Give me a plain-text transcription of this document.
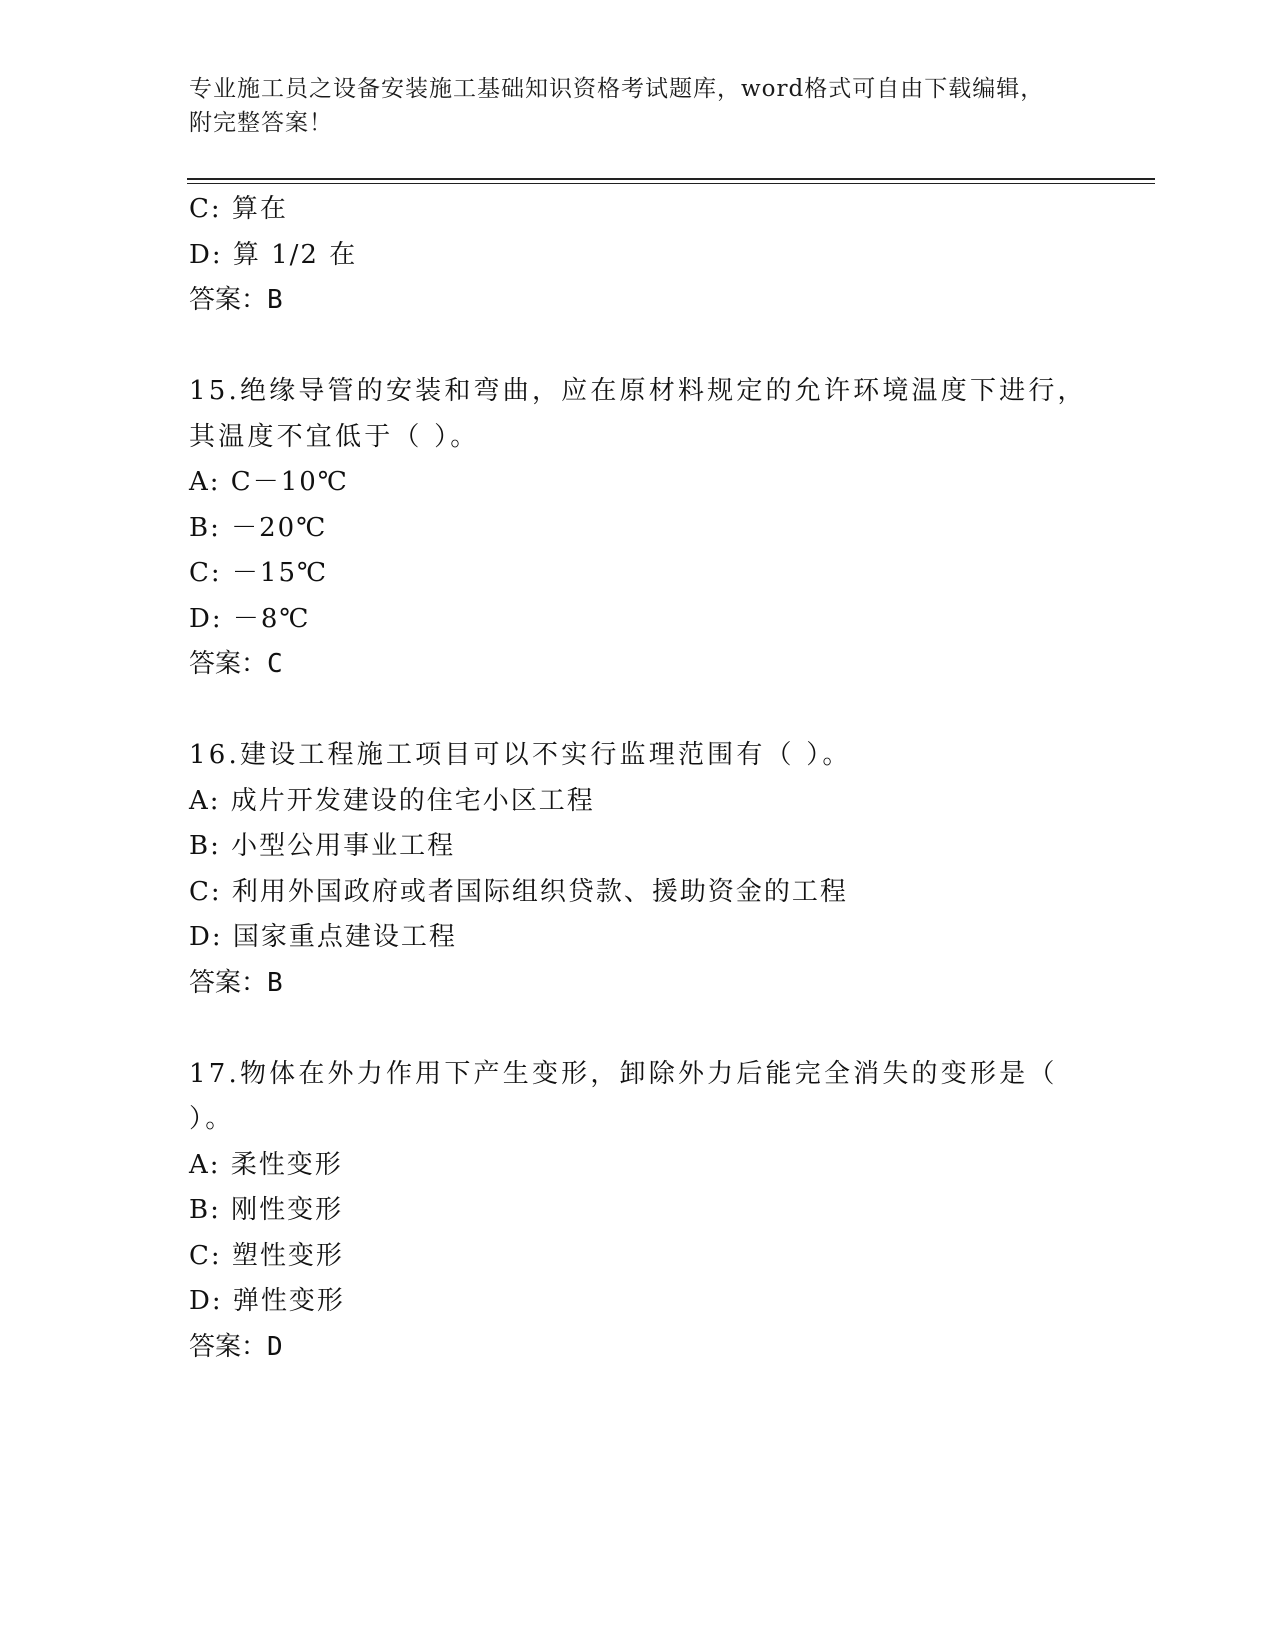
专业施工员之设备安装施工基础知识资格考试题库，word格式可自由下载编辑，
附完整答案！
C: 算在
D: 算 1/2 在
答案：B
15.绝缘导管的安装和弯曲，应在原材料规定的允许环境温度下进行，
其温度不宜低于（ ）。
A: C－10℃
B: －20℃
C: －15℃
D: －8℃
答案：C
16.建设工程施工项目可以不实行监理范围有（ ）。
A: 成片开发建设的住宅小区工程
B: 小型公用事业工程
C: 利用外国政府或者国际组织贷款、援助资金的工程
D: 国家重点建设工程
答案：B
17.物体在外力作用下产生变形，卸除外力后能完全消失的变形是（
）。
A: 柔性变形
B: 刚性变形
C: 塑性变形
D: 弹性变形
答案：D
